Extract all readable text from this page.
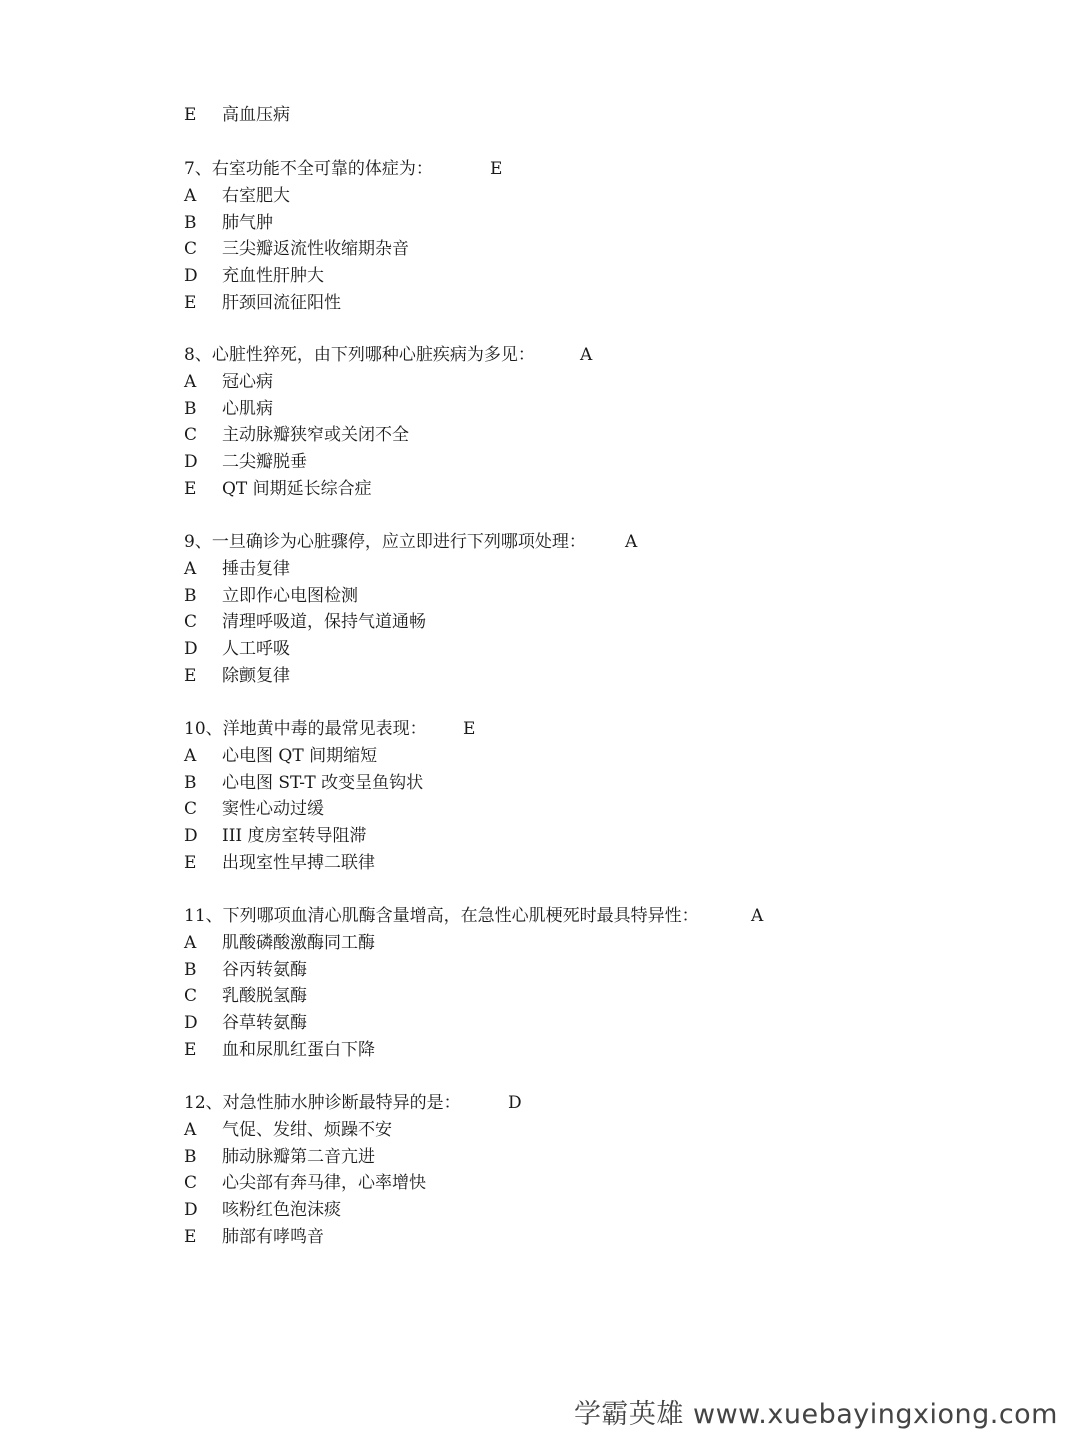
E 高血压病
7、右室功能不全可靠的体症为：	E
A 右室肥大
B 肺气肿
C 三尖瓣返流性收缩期杂音
D 充血性肝肿大
E 肝颈回流征阳性
8、心脏性猝死，由下列哪种心脏疾病为多见：	A
A 冠心病
B 心肌病
C 主动脉瓣狭窄或关闭不全
D 二尖瓣脱垂
E QT 间期延长综合症
9、一旦确诊为心脏骤停，应立即进行下列哪项处理： A
A 捶击复律
B 立即作心电图检测
C 清理呼吸道，保持气道通畅
D 人工呼吸
E 除颤复律
10、洋地黄中毒的最常见表现： E
A 心电图 QT 间期缩短
B 心电图 ST-T 改变呈鱼钩状
C 窦性心动过缓
D III 度房室转导阻滞
E 出现室性早搏二联律
11、下列哪项血清心肌酶含量增高，在急性心肌梗死时最具特异性：	A
A 肌酸磷酸激酶同工酶
B 谷丙转氨酶
C 乳酸脱氢酶
D 谷草转氨酶
E 血和尿肌红蛋白下降
12、对急性肺水肿诊断最特异的是：	D
A 气促、发绀、烦躁不安
B 肺动脉瓣第二音亢进
C 心尖部有奔马律，心率增快
D 咳粉红色泡沫痰
E 肺部有哮鸣音
学霸英雄 www.xuebayingxiong.com
